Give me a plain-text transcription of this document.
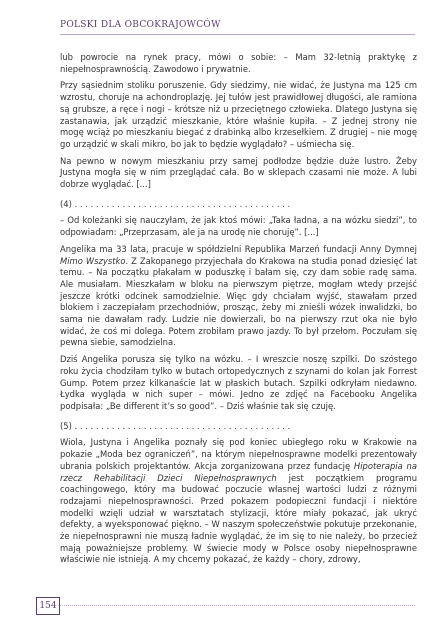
POLSKI DLA OBCOKRAJOWCÓW

lub powrocie na rynek pracy, mówi o sobie: – Mam 32-letnią praktykę z niepełnosprawnością. Zawodowo i prywatnie.

Przy sąsiednim stoliku poruszenie. Gdy siedzimy, nie widać, że Justyna ma 125 cm wzrostu, choruje na achondroplazję. Jej tułów jest prawidłowej długości, ale ramiona są grubsze, a ręce i nogi – krótsze niż u przeciętnego człowieka. Dlatego Justyna się zastanawia, jak urządzić mieszkanie, które właśnie kupiła. – Z jednej strony nie mogę wciąż po mieszkaniu biegać z drabinką albo krzesełkiem. Z drugiej – nie mogę go urządzić w skali mikro, bo jak to będzie wyglądało? – uśmiecha się.

Na pewno w nowym mieszkaniu przy samej podłodze będzie duże lustro. Żeby Justyna mogła się w nim przeglądać cała. Bo w sklepach czasami nie może. A lubi dobrze wyglądać. [...]

(4) . . . . . . . . . . . . . . . . . . . . . . . . . . . . . . . . . . . . . . . . .

– Od koleżanki się nauczyłam, że jak ktoś mówi: „Taka ładna, a na wózku siedzi”, to odpowiadam: „Przeprzasam, ale ja na urodę nie choruję”. [...]

Angelika ma 33 lata, pracuje w spółdzielni Republika Marzeń fundacji Anny Dymnej Mimo Wszystko. Z Zakopanego przyjechała do Krakowa na studia ponad dziesięć lat temu. – Na początku płakałam w poduszkę i bałam się, czy dam sobie radę sama. Ale musiałam. Mieszkałam w bloku na pierwszym piętrze, mogłam wtedy przejść jeszcze krótki odcinek samodzielnie. Więc gdy chciałam wyjść, stawałam przed blokiem i zaczepiałam przechodniów, prosząc, żeby mi znieśli wózek inwalidzki, bo sama nie dawałam rady. Ludzie nie dowierzali, bo na pierwszy rzut oka nie było widać, że coś mi dolega. Potem zrobiłam prawo jazdy. To był przełom. Poczułam się pewna siebie, samodzielna.

Dziś Angelika porusza się tylko na wózku. – I wreszcie noszę szpilki. Do szóstego roku życia chodziłam tylko w butach ortopedycznych z szynami do kolan jak Forrest Gump. Potem przez kilkanaście lat w płaskich butach. Szpilki odkryłam niedawno. Łydka wygląda w nich super – mówi. Jedno ze zdjęć na Facebooku Angelika podpisała: „Be different it’s so good”. – Dziś właśnie tak się czuję.

(5) . . . . . . . . . . . . . . . . . . . . . . . . . . . . . . . . . . . . . . . . .

Wiola, Justyna i Angelika poznały się pod koniec ubiegłego roku w Krakowie na pokazie „Moda bez ograniczeń”, na którym niepełnosprawne modelki prezentowały ubrania polskich projektantów. Akcja zorganizowana przez fundację Hipoterapia na rzecz Rehabilitacji Dzieci Niepełnosprawnych jest początkiem programu coachingowego, który ma budować poczucie własnej wartości ludzi z różnymi rodzajami niepełnosprawności. Przed pokazem podopieczni fundacji i niektóre modelki wzięli udział w warsztatach stylizacji, które miały pokazać, jak ukryć defekty, a wyeksponować piękno. – W naszym społeczeństwie pokutuje przekonanie, że niepełnosprawni nie muszą ładnie wyglądać, że im się to nie należy, bo przecież mają poważniejsze problemy. W świecie mody w Polsce osoby niepełnosprawne właściwie nie istnieją. A my chcemy pokazać, że każdy – chory, zdrowy,

154
